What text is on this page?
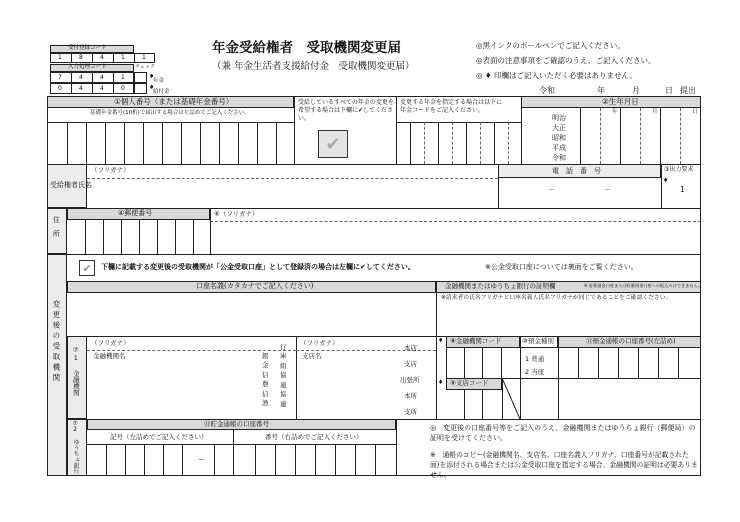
年金受給権者　受取機関変更届
（兼 年金生活者支援給付金　受取機関変更届）
◎黒インクのボールペンでご記入ください。
◎表面の注意事項をご確認のうえ、ご記入ください。
◎ ♦ 印欄はご記入いただく必要はありません。
令和	年	月	日 提出
受付登録コード
1	8	4	1	1
入力処理コード	チェック
7	4	4	1	♦
年金
0	4	4	0	♦
給付金
①個人番号（または基礎年金番号）
基礎年金番号(10桁)で届出する場合は左詰めでご記入ください。
受給しているすべての年金の変更を希望する場合は下欄に✔してください。
✔
変更する年金を指定する場合は以下に年金コードをご記入ください。
②生年月日
明治
大正
昭和
平成
令和
年	月	日
受給権者氏名
（フリガナ）	電　話　番　号
－	－
③出力要求
♦
1
住　所
④郵便番号	⑥（フリガナ）
変更後の受取機関
✔ 下欄に記載する変更後の受取機関が「公金受取口座」として登録済の場合は左欄に✔してください。	※公金受取口座については裏面をご覧ください。
口座名義(カタカナでご記入ください)	金融機関またはゆうちょ銀行の証明欄	※ 貯蓄預金口座または貯蓄預金口座への振込みはできません。
※請求者の氏名フリガナと口座名義人氏名フリガナが同じであることをご確認ください。
⑦1 金融機関
（フリガナ）
金融機関名	銀
金
信
農
信
漁

行
庫
組
協
連
協
連
（フリガナ）
支店名
本店
支店
出張所
本所
支所
⑧金融機関コード
♦
⑨支店コード
♦
⑩預金種別
1 普通
2 当座
⑪預金通帳の口座番号(左詰め)
⑦2 ゆうちょ銀行	⑪貯金通帳の口座番号
記号（左詰めでご記入ください）	番号（右詰めでご記入ください）
－
◎　変更後の口座番号等をご記入のうえ、金融機関またはゆうちょ銀行（郵便局）の証明を受けてください。
※　通帳のコピー(金融機関名、支店名、口座名義人フリガナ、口座番号が記載された面)を添付される場合または公金受取口座を指定する場合、金融機関の証明は必要ありません。
